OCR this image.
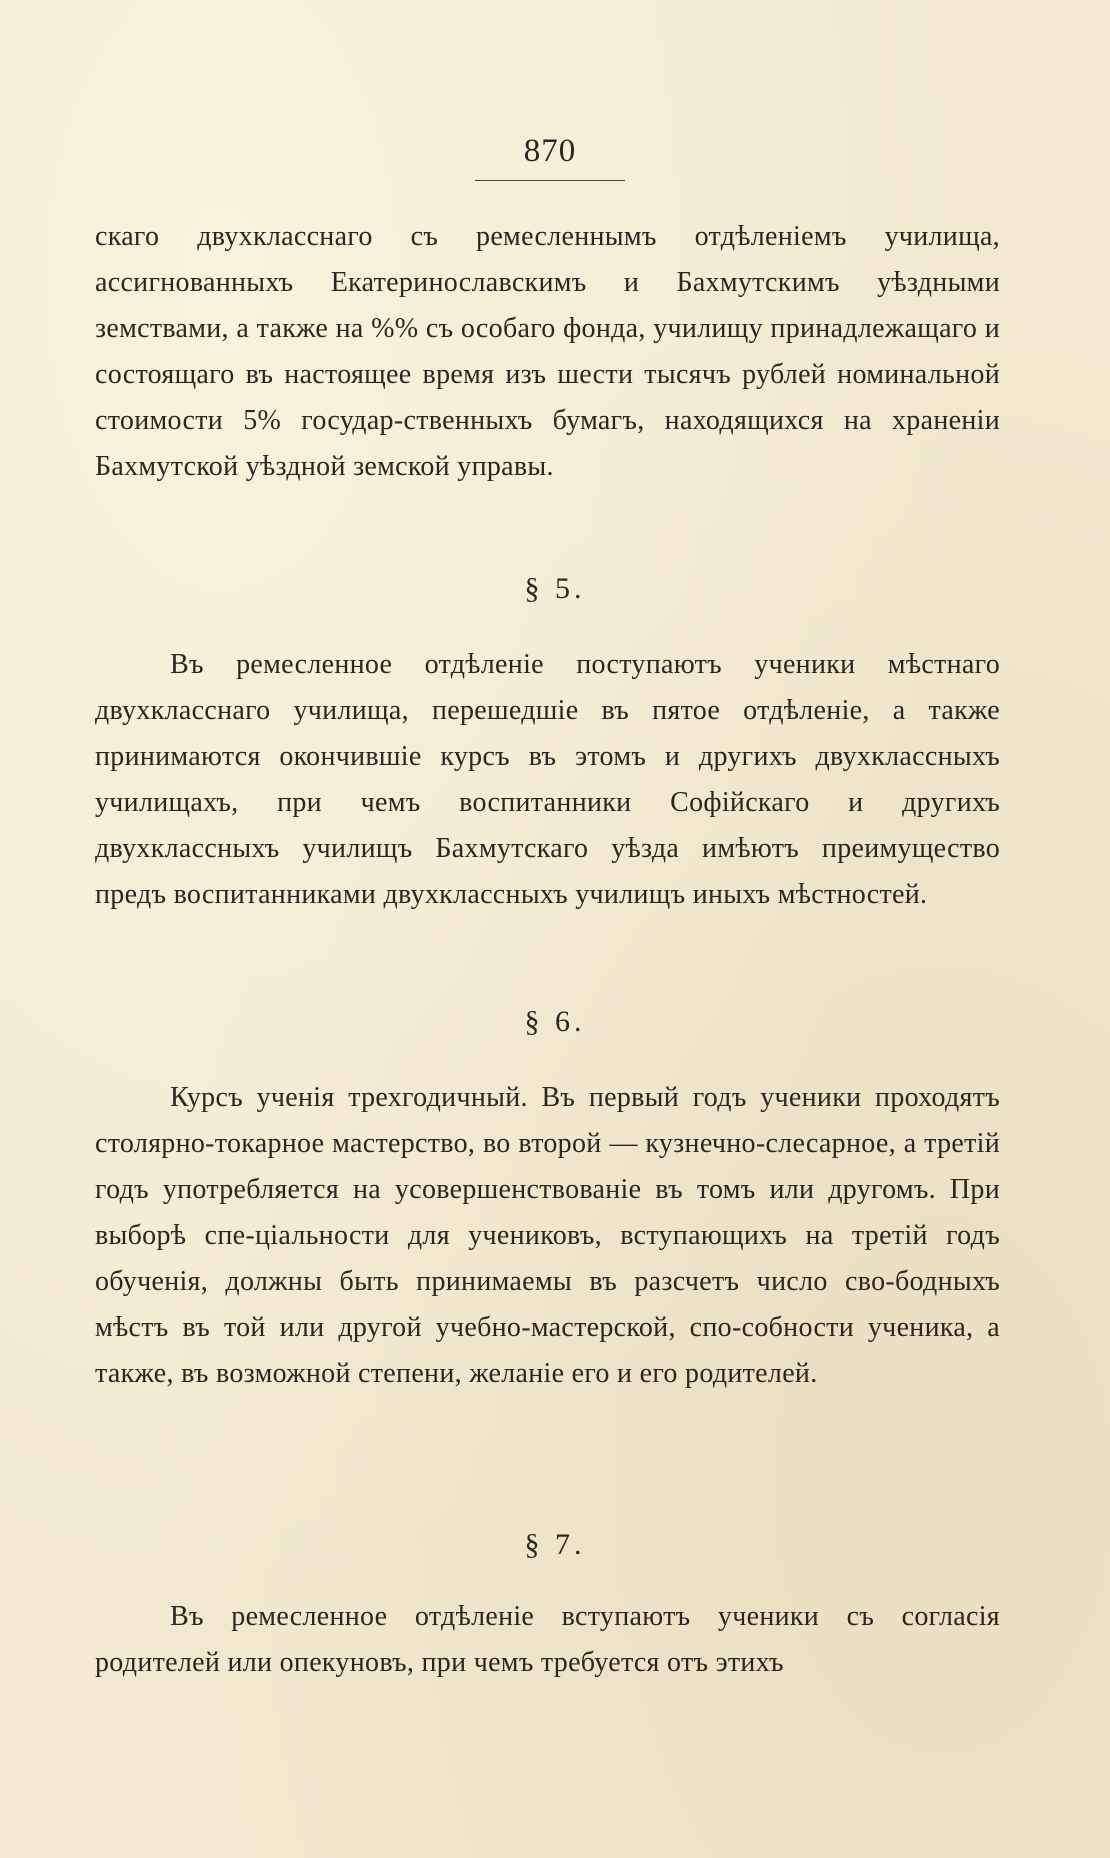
870

скаго двухкласснаго съ ремесленнымъ отдѣленіемъ училища, ассигнованныхъ Екатеринославскимъ и Бахмутскимъ уѣздными земствами, а также на %% съ особаго фонда, училищу принадлежащаго и состоящаго въ настоящее время изъ шести тысячъ рублей номинальной стоимости 5% государ-ственныхъ бумагъ, находящихся на храненіи Бахмутской уѣздной земской управы.

§ 5.

Въ ремесленное отдѣленіе поступаютъ ученики мѣстнаго двухкласснаго училища, перешедшіе въ пятое отдѣленіе, а также принимаются окончившіе курсъ въ этомъ и другихъ двухклассныхъ училищахъ, при чемъ воспитанники Софійскаго и другихъ двухклассныхъ училищъ Бахмутскаго уѣзда имѣютъ преимущество предъ воспитанниками двухклассныхъ училищъ иныхъ мѣстностей.

§ 6.

Курсъ ученія трехгодичный. Въ первый годъ ученики проходятъ столярно-токарное мастерство, во второй — кузнечно-слесарное, а третій годъ употребляется на усовершенствованіе въ томъ или другомъ. При выборѣ спе-ціальности для учениковъ, вступающихъ на третій годъ обученія, должны быть принимаемы въ разсчетъ число сво-бодныхъ мѣстъ въ той или другой учебно-мастерской, спо-собности ученика, а также, въ возможной степени, желаніе его и его родителей.

§ 7.

Въ ремесленное отдѣленіе вступаютъ ученики съ согласія родителей или опекуновъ, при чемъ требуется отъ этихъ
